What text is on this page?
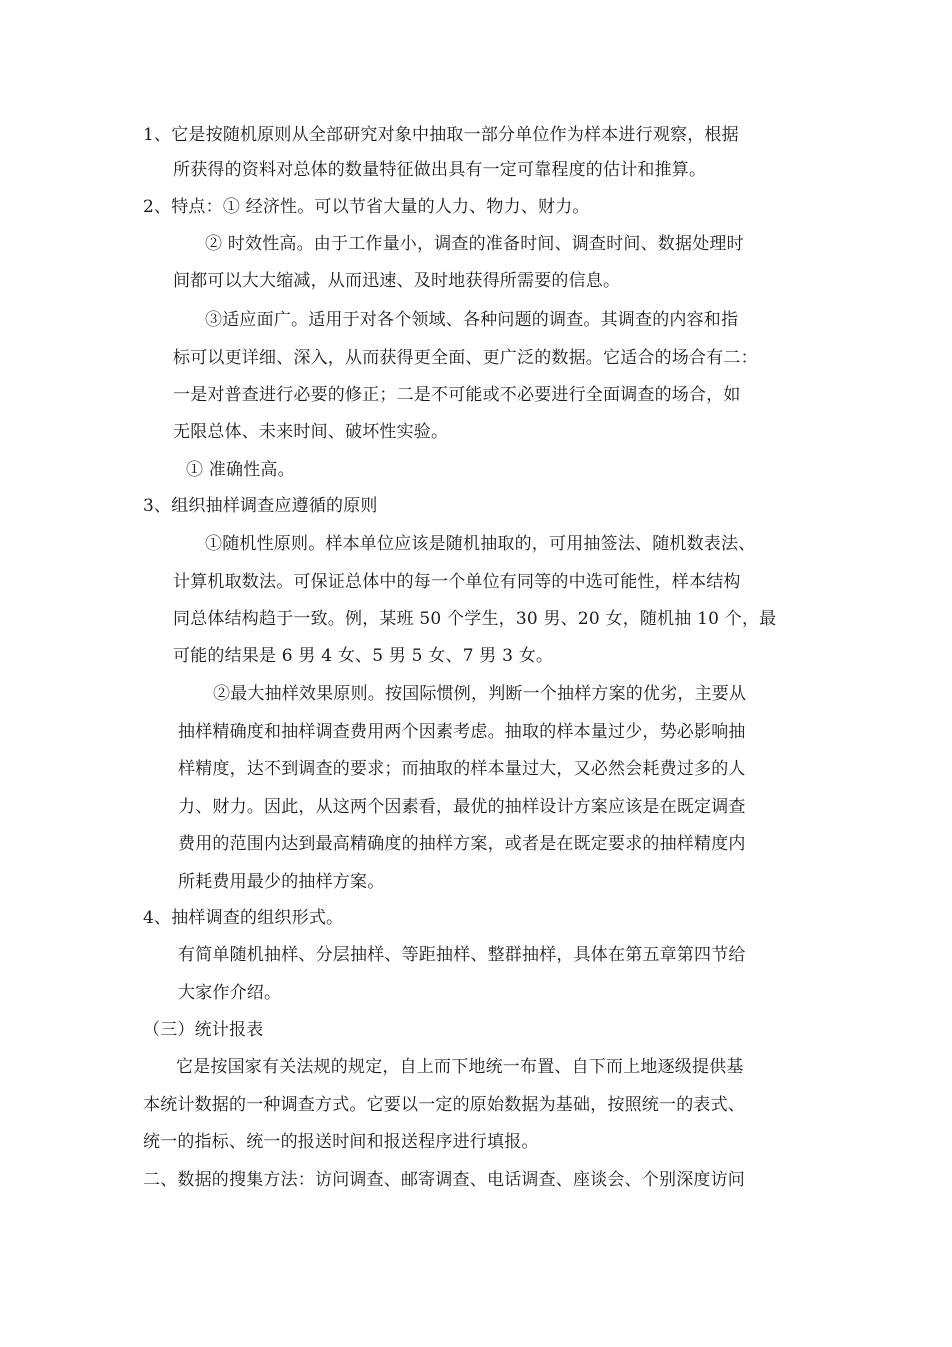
1、它是按随机原则从全部研究对象中抽取一部分单位作为样本进行观察，根据
所获得的资料对总体的数量特征做出具有一定可靠程度的估计和推算。
2、特点：① 经济性。可以节省大量的人力、物力、财力。
② 时效性高。由于工作量小，调查的准备时间、调查时间、数据处理时
间都可以大大缩减，从而迅速、及时地获得所需要的信息。
③适应面广。适用于对各个领域、各种问题的调查。其调查的内容和指
标可以更详细、深入，从而获得更全面、更广泛的数据。它适合的场合有二：
一是对普查进行必要的修正；二是不可能或不必要进行全面调查的场合，如
无限总体、未来时间、破坏性实验。
① 准确性高。
3、组织抽样调查应遵循的原则
①随机性原则。样本单位应该是随机抽取的，可用抽签法、随机数表法、
计算机取数法。可保证总体中的每一个单位有同等的中选可能性，样本结构
同总体结构趋于一致。例，某班 50 个学生，30 男、20 女，随机抽 10 个，最
可能的结果是 6 男 4 女、5 男 5 女、7 男 3 女。
②最大抽样效果原则。按国际惯例，判断一个抽样方案的优劣，主要从
抽样精确度和抽样调查费用两个因素考虑。抽取的样本量过少，势必影响抽
样精度，达不到调查的要求；而抽取的样本量过大，又必然会耗费过多的人
力、财力。因此，从这两个因素看，最优的抽样设计方案应该是在既定调查
费用的范围内达到最高精确度的抽样方案，或者是在既定要求的抽样精度内
所耗费用最少的抽样方案。
4、抽样调查的组织形式。
有简单随机抽样、分层抽样、等距抽样、整群抽样，具体在第五章第四节给
大家作介绍。
（三）统计报表
它是按国家有关法规的规定，自上而下地统一布置、自下而上地逐级提供基
本统计数据的一种调查方式。它要以一定的原始数据为基础，按照统一的表式、
统一的指标、统一的报送时间和报送程序进行填报。
二、数据的搜集方法：访问调查、邮寄调查、电话调查、座谈会、个别深度访问
